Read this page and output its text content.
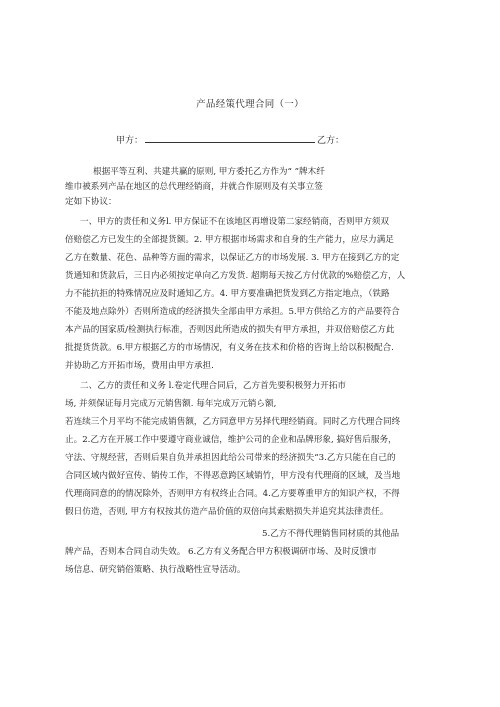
产品经策代理合同（一）
甲方：	乙方：
根据平等互利、共建共赢的原则, 甲方委托乙方作为“ ”牌木纤
维巾被系列产品在地区的总代理经销商，并就合作原则及有关事立签
定如下协议：
一、甲方的责任和义务l. 甲方保证不在该地区再增设第二家经销商，否则甲方须双
倍赔偿乙方已发生的全部提货额。2. 甲方根据市场需求和自身的生产能力，应尽力满足
乙方在数量、花色、品种等方面的需求，以保证乙方的市场发展. 3. 甲方在接到乙方的定
货通知和货款后，三日内必须按定单向乙方发货. 超期每天按乙方付优款的%赔偿乙方，人
力不能抗拒的特殊情况应及时通知乙方。4. 甲方要准确把货发到乙方指定地点，（铁路
不能及地点除外）否则所造成的经济损失全部由甲方承担。5.甲方供给乙方的产品要符合
本产品的国家质/检测执行标准，否则因此所造成的损失有甲方承担，并双倍赔偿乙方此
批提货货款。6.甲方根据乙方的市场情况，有义务在技术和价格的咨询上给以积极配合.
并协助乙方开拓市场，费用由甲方承担.
二、乙方的责任和义务 l.卷定代理合同后，乙方首先要积极努力开拓市
场, 并须保证每月完成万元销售额. 每年完成万元销ら额,
若连续三个月平均不能完成销售额，乙方同意甲方另择代理经销商。同时乙方代理合同终
止。2.乙方在开展工作中要遵守商业诚信，维护公司的企业和品牌形象, 搞好售后服务，
守法、守规经营，否则后果自负并承担因此给公司带来的经济损失“3.乙方只能在自己的
合同区域内做好宣传、销传工作，不得恶意跨区域销竹，甲方没有代理商的区域，及当地
代理商同意的的情况除外，否则甲方有权终止合同。4.乙方要尊重甲方的知识产权，不得
假日仿造，否则, 甲方有权按其仿造产品价值的双倍向其索赔损失并追究其法律责任。
5.乙方不得代理销售同材质的其他品
牌产品，否则本合同自动失效。 6.乙方有义务配合甲方积极调研市场、及时反馈市
场信息、研究销俗策略、执行战略性宣导活动。
